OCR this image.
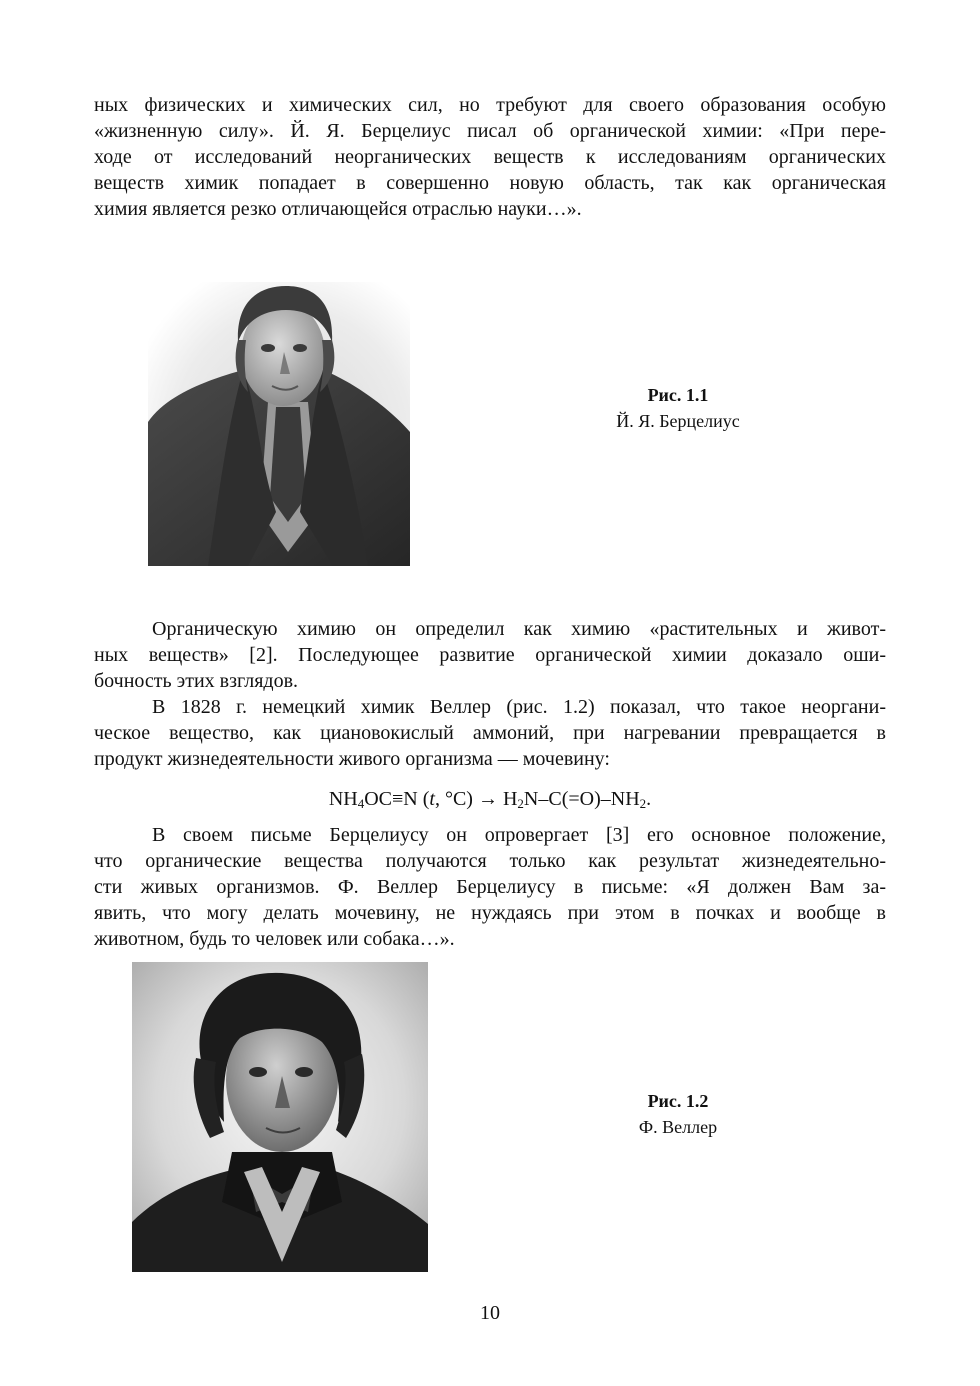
ных физических и химических сил, но требуют для своего образования особую
«жизненную силу». Й. Я. Берцелиус писал об органической химии: «При пере-
ходе от исследований неорганических веществ к исследованиям органических
веществ химик попадает в совершенно новую область, так как органическая
химия является резко отличающейся отраслью науки…».
Рис. 1.1
Й. Я. Берцелиус
Органическую химию он определил как химию «растительных и живот-
ных веществ» [2]. Последующее развитие органической химии доказало оши-
бочность этих взглядов.
В 1828 г. немецкий химик Веллер (рис. 1.2) показал, что такое неоргани-
ческое вещество, как циановокислый аммоний, при нагревании превращается в
продукт жизнедеятельности живого организма — мочевину:
$NH_4OC\equiv N$ (t, $^\circ C) \to H_2N-C(=O)-NH_2$.
В своем письме Берцелиусу он опровергает [3] его основное положение,
что органические вещества получаются только как результат жизнедеятельно-
сти живых организмов. Ф. Веллер Берцелиусу в письме: «Я должен Вам за-
явить, что могу делать мочевину, не нуждаясь при этом в почках и вообще в
животном, будь то человек или собака…».
Рис. 1.2
Ф. Веллер
10
